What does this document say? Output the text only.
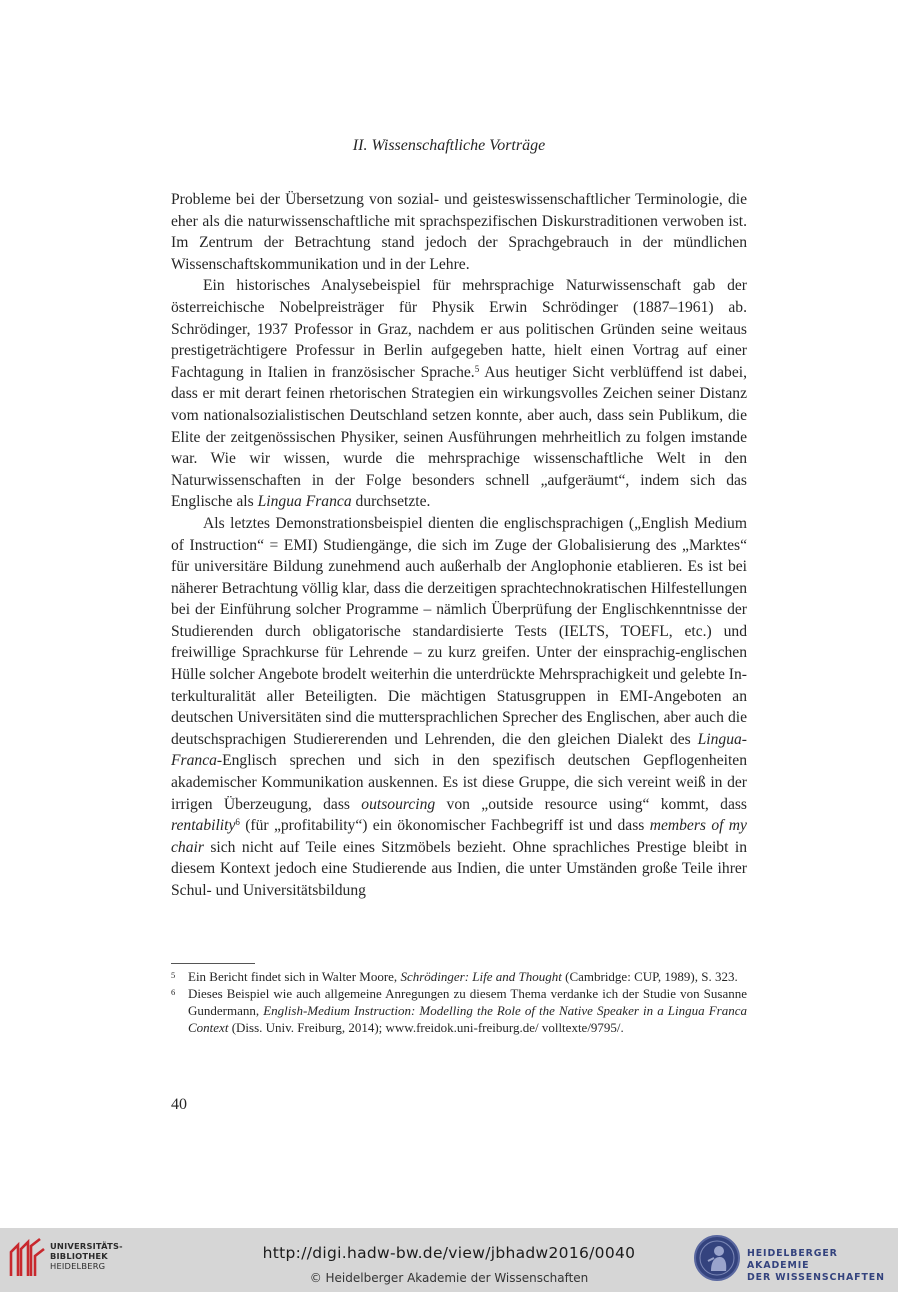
II. Wissenschaftliche Vorträge

Probleme bei der Übersetzung von sozial- und geisteswissenschaftlicher Terminologie, die eher als die naturwissenschaftliche mit sprachspezifischen Diskurstraditionen verwoben ist. Im Zentrum der Betrachtung stand jedoch der Sprachgebrauch in der mündlichen Wissenschaftskommunikation und in der Lehre.

Ein historisches Analysebeispiel für mehrsprachige Naturwissenschaft gab der österreichische Nobelpreisträger für Physik Erwin Schrödinger (1887–1961) ab. Schrödinger, 1937 Professor in Graz, nachdem er aus politischen Gründen seine weitaus prestigeträchtigere Professur in Berlin aufgegeben hatte, hielt einen Vortrag auf einer Fachtagung in Italien in französischer Sprache.$^5$ Aus heutiger Sicht verblüffend ist dabei, dass er mit derart feinen rhetorischen Strategien ein wirkungsvolles Zeichen seiner Distanz vom nationalsozialistischen Deutschland setzen konnte, aber auch, dass sein Publikum, die Elite der zeitgenössischen Physiker, seinen Ausführungen mehrheitlich zu folgen imstande war. Wie wir wissen, wurde die mehrsprachige wissenschaftliche Welt in den Naturwissenschaften in der Folge besonders schnell „aufgeräumt“, indem sich das Englische als Lingua Franca durchsetzte.

Als letztes Demonstrationsbeispiel dienten die englischsprachigen („English Medium of Instruction“ = EMI) Studiengänge, die sich im Zuge der Globalisierung des „Marktes“ für universitäre Bildung zunehmend auch außerhalb der Anglophonie etablieren. Es ist bei näherer Betrachtung völlig klar, dass die derzeitigen sprachtechnokratischen Hilfestellungen bei der Einführung solcher Programme – nämlich Überprüfung der Englischkenntnisse der Studierenden durch obligatorische standardisierte Tests (IELTS, TOEFL, etc.) und freiwillige Sprachkurse für Lehrende – zu kurz greifen. Unter der einsprachig-englischen Hülle solcher Angebote brodelt weiterhin die unterdrückte Mehrsprachigkeit und gelebte Interkulturalität aller Beteiligten. Die mächtigen Statusgruppen in EMI-Angeboten an deutschen Universitäten sind die muttersprachlichen Sprecher des Englischen, aber auch die deutschsprachigen Studiererenden und Lehrenden, die den gleichen Dialekt des Lingua-Franca-Englisch sprechen und sich in den spezifisch deutschen Gepflogenheiten akademischer Kommunikation auskennen. Es ist diese Gruppe, die sich vereint weiß in der irrigen Überzeugung, dass outsourcing von „outside resource using“ kommt, dass rentability$^6$ (für „profitability“) ein ökonomischer Fachbegriff ist und dass members of my chair sich nicht auf Teile eines Sitzmöbels bezieht. Ohne sprachliches Prestige bleibt in diesem Kontext jedoch eine Studierende aus Indien, die unter Umständen große Teile ihrer Schul- und Universitätsbildung

5 Ein Bericht findet sich in Walter Moore, Schrödinger: Life and Thought (Cambridge: CUP, 1989), S. 323.

6 Dieses Beispiel wie auch allgemeine Anregungen zu diesem Thema verdanke ich der Studie von Susanne Gundermann, English-Medium Instruction: Modelling the Role of the Native Speaker in a Lingua Franca Context (Diss. Univ. Freiburg, 2014); www.freidok.uni-freiburg.de/ volltexte/9795/.

40
UNIVERSITÄTS-
BIBLIOTHEK
HEIDELBERG
http://digi.hadw-bw.de/view/jbhadw2016/0040
© Heidelberger Akademie der Wissenschaften
HEIDELBERGER AKADEMIE
DER WISSENSCHAFTEN
